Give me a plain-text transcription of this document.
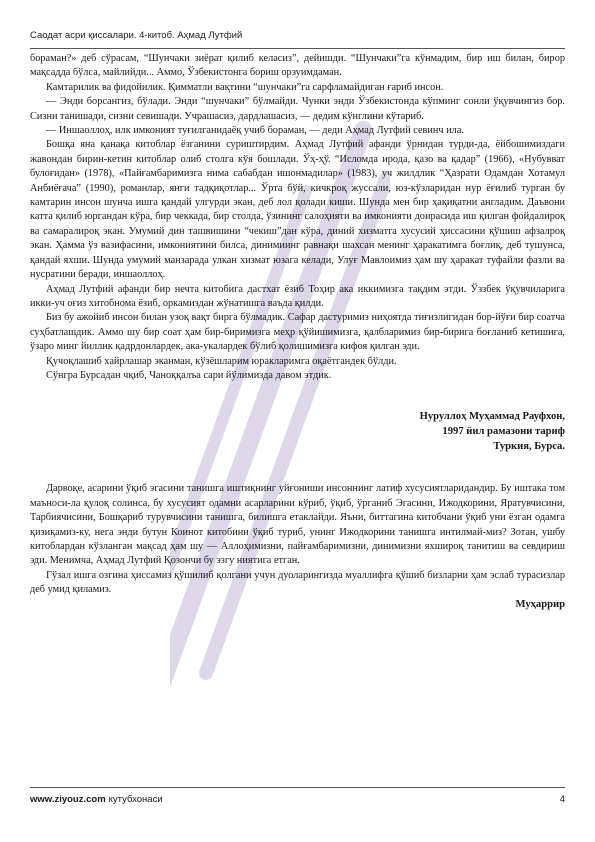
Саодат асри қиссалари. 4-китоб. Аҳмад Лутфий

борамaн?» деб сўрасам, “Шунчаки зиёрат қилиб келасиз”, дейишди. “Шунчаки”га кўнмадим, бир иш билан, бирор мақсадда бўлса, майлийди... Аммо, Ўзбекистонга бориш орзуимдаман.

Камтарилик ва фидойилик. Қимматли вақтини “шунчаки”га сарфламайдиган ғариб инсон.

— Энди борсангиз, бўлади. Энди “шунчаки” бўлмайди. Чунки энди Ўзбекистонда кўпминг сонли ўқувчингиз бор. Сизни танишади, сизни севишади. Учрашасиз, дардлашасиз, — дедим кўнглини кўтариб.

— Иншаоллоҳ, илк имконият туғилганидаёқ учиб бораман, — деди Аҳмад Лутфий севинч ила.

Бошқа яна қанақа китоблар ёзганини суриштирдим. Аҳмад Лутфий афанди ўрнидан турди-да, ёйбошимиздаги жавондан бирин-кетин китоблар олиб столга кўя бошлади. Ўҳ-ҳў. “Исломда ирода, қазо ва қадар” (1966), «Нубувват булоғидан» (1978), «Пайғамбаримизга нима сабабдан ишонмадилар» (1983), уч жилдлик “Ҳазрати Одамдан Хотамул Анбиёғача” (1990), романлар, янги тадқиқотлар... Ўрта бўй, кичкроқ жуссали, юз-кўзларидан нур ёғилиб турган бу камтарин инсон шунча ишга қандай улгурди экан, деб лол қолади киши. Шунда мен бир ҳақиқатни англадим. Даъвони катта қилиб юргандан кўра, бир чеккада, бир столда, ўзининг салоҳияти ва имконияти доирасида иш қилган фойдалироқ ва самаралироқ экан. Умумий дин ташвишини “чекиш”дан кўра, диний хизматга хусусий ҳиссасини қўшиш афзалроқ экан. Ҳамма ўз вазифасини, имкониятини билса, динимиинг равнақи шахсан менинг ҳаракатимга боғлиқ, деб тушунса, қандай яхши. Шунда умумий манзарада улкан хизмат юзага келади, Улуғ Мавлоимиз ҳам шу ҳаракат туфайли фазли ва нусратини беради, иншаоллоҳ.

Аҳмад Лутфий афанди бир нечта китобига дастхат ёзиб Тоҳир ака иккимизга тақдим этди. Ўззбек ўқувчиларига икки-уч оғиз хитобнома ёзиб, оркамиздан жўнатишга ваъда қилди.

Биз бу ажойиб инсон билан узоқ вақт бирга бўлмадик. Сафар дастуримиз ниҳоятда тиғизлигидан бор-йўғи бир соатча суҳбатлашдик. Аммо шу бир соат ҳам бир-биримизга меҳр қўйишимизга, қалбларимиз бир-бирига боғланиб кетишига, ўзаро минг йиллик қадрдонлардек, ака-укалардек бўлиб қолишимизга кифоя қилган эди.

Қучоқлашиб хайрлашар эканман, кўзёшларим юракларимга оқаётгандек бўлди.

Сўнгра Бурсадан чқиб, Чаноққалъа сари йўлимизда давом этдик.

Нуруллоҳ Муҳаммад Рауфхон,

1997 йил рамазони тариф

Туркия, Бурса.

Дарвоқе, асарини ўқиб эгасини танишга иштиқнинг уйғониши инсоннинг латиф хусусиятларидандир. Бу иштака том маъноси-ла қулоқ солинса, бу хусусият одамни асарларини кўриб, ўқиб, ўрганиб Эгасини, Ижодкорини, Яратувчисини, Тарбиячисини, Бошқариб турувчисини танишга, билишга етаклайди. Яъни, биттагина китобчани ўқиб уни ёзган одамга қизиқамиз-ку, нега энди бутун Коинот китобини ўқиб туриб, унинг Ижодкорини танишга интилмай-миз? Зотан, ушбу китоблардан кўзланган мақсад ҳам шу — Аллоҳимизни, пайғамбаримизни, динимизни яхшироқ танитиш ва севдириш эди. Менимча, Аҳмад Лутфий Қозончи бу эзгу ниятига етган.

Гўзал ишга озгина ҳиссамиз қўшилиб қолгани учун дуоларингизда муаллифга қўшиб бизларни ҳам эслаб турасизлар деб умид қиламиз.

Муҳаррир

www.ziyouz.com кутубхонаси	4
